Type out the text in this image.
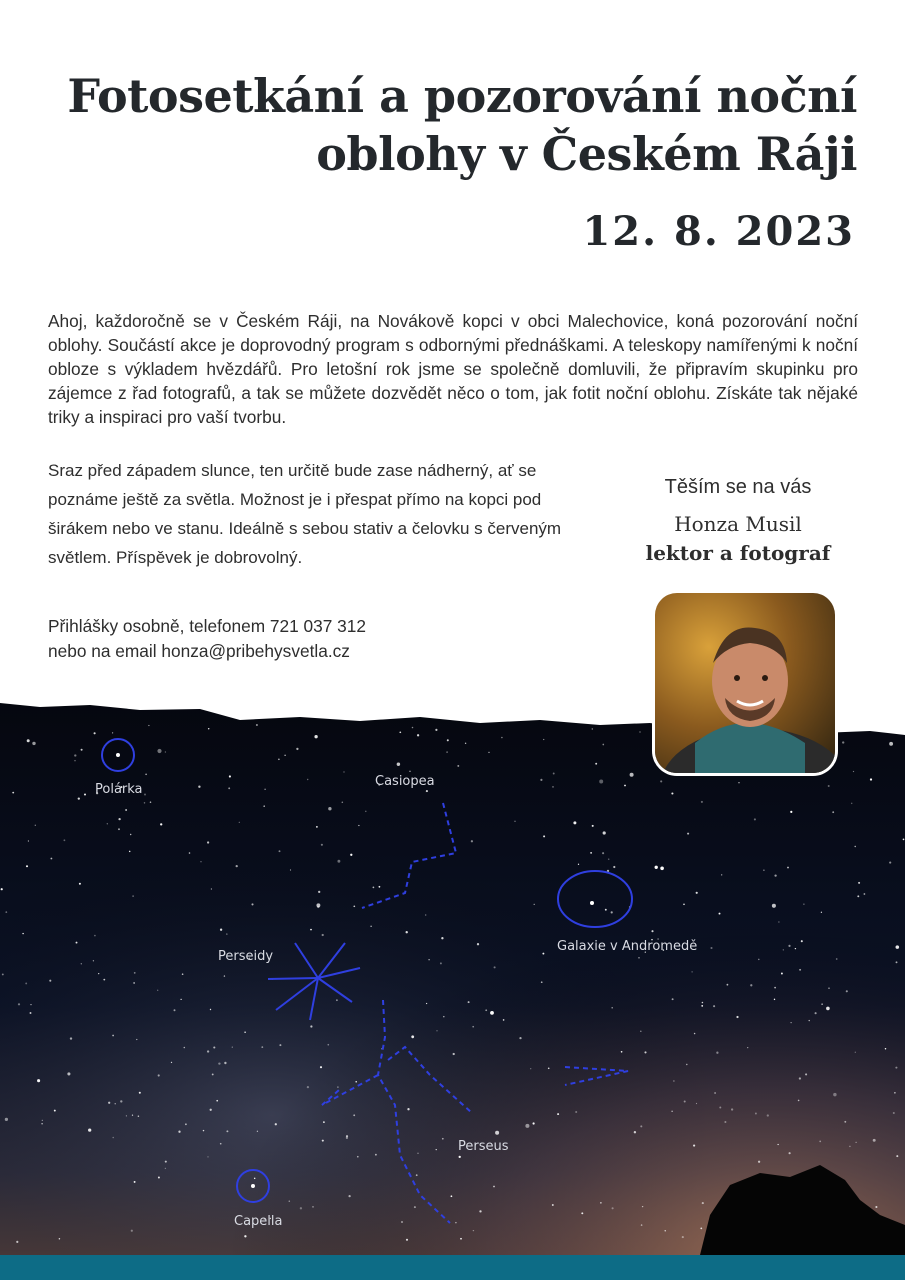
Fotosetkání a pozorování noční oblohy v Českém Ráji
12. 8. 2023

Ahoj, každoročně se v Českém Ráji, na Novákově kopci v obci Malechovice, koná pozorování noční oblohy. Součástí akce je doprovodný program s odbornými přednáškami. A teleskopy namířenými k noční obloze s výkladem hvězdářů. Pro letošní rok jsme se společně domluvili, že připravím skupinku pro zájemce z řad fotografů, a tak se můžete dozvědět něco o tom, jak fotit noční oblohu. Získáte tak nějaké triky a inspiraci pro vaší tvorbu.

Sraz před západem slunce, ten určitě bude zase nádherný, ať se poznáme ještě za světla. Možnost je i přespat přímo na kopci pod širákem nebo ve stanu. Ideálně s sebou stativ a čelovku s červeným světlem. Příspěvek je dobrovolný.

Přihlášky osobně, telefonem 721 037 312
nebo na email honza@pribehysvetla.cz
Těším se na vás
Honza Musil
lektor a fotograf
Polárka
Casiopea
Galaxie v Andromedě
Perseidy
Perseus
Capella
